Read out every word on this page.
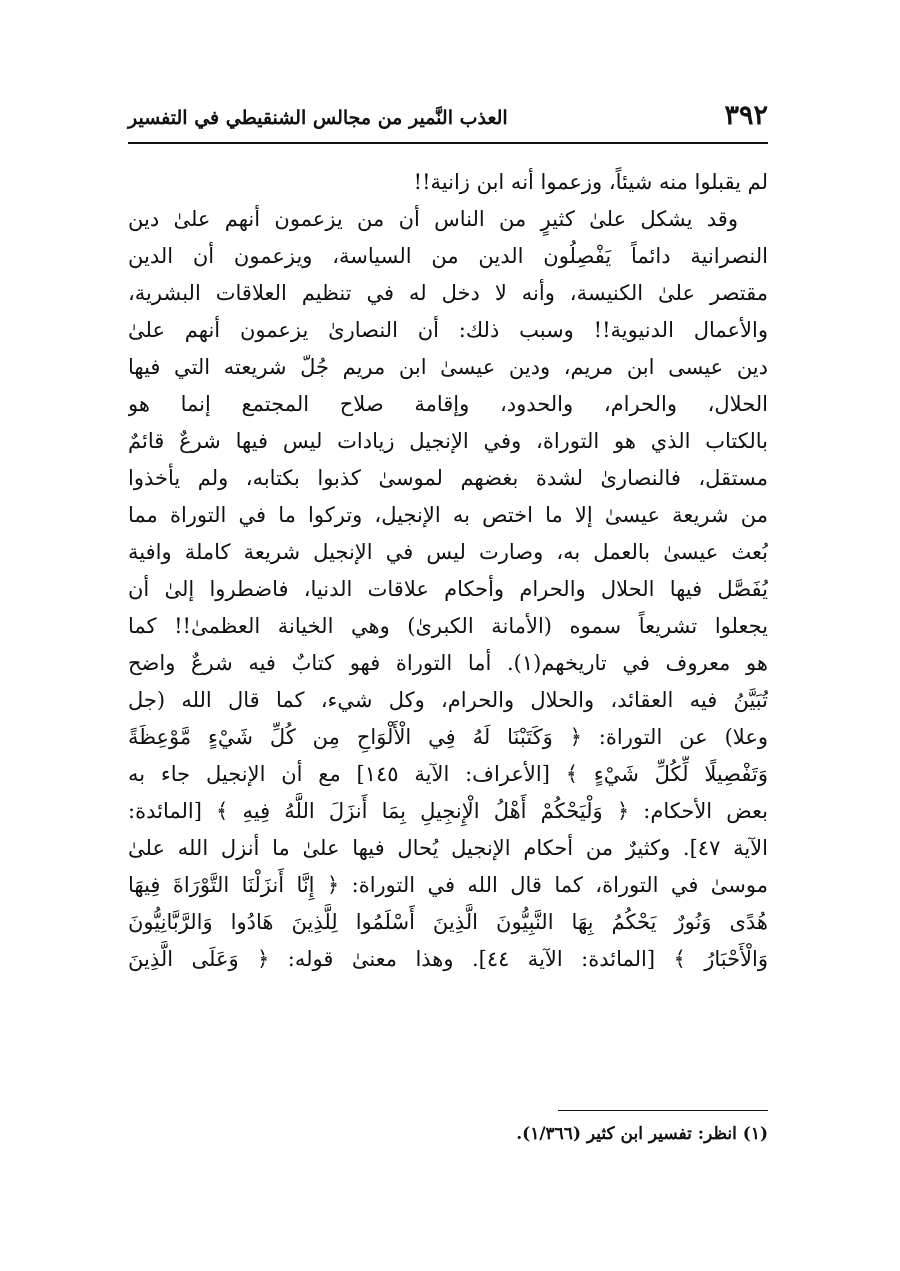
٣٩٢
العذب النَّمير من مجالس الشنقيطي في التفسير
لم يقبلوا منه شيئاً، وزعموا أنه ابن زانية!!
وقد يشكل علىٰ كثيرٍ من الناس أن من يزعمون أنهم علىٰ دين
النصرانية دائماً يَفْصِلُون الدين من السياسة، ويزعمون أن الدين
مقتصر علىٰ الكنيسة، وأنه لا دخل له في تنظيم العلاقات البشرية،
والأعمال الدنيوية!! وسبب ذلك: أن النصارىٰ يزعمون أنهم علىٰ
دين عيسى ابن مريم، ودين عيسىٰ ابن مريم جُلّ شريعته التي فيها
الحلال، والحرام، والحدود، وإقامة صلاح المجتمع إنما هو
بالكتاب الذي هو التوراة، وفي الإنجيل زيادات ليس فيها شرعٌ قائمٌ
مستقل، فالنصارىٰ لشدة بغضهم لموسىٰ كذبوا بكتابه، ولم يأخذوا
من شريعة عيسىٰ إلا ما اختص به الإنجيل، وتركوا ما في التوراة مما
بُعث عيسىٰ بالعمل به، وصارت ليس في الإنجيل شريعة كاملة وافية
يُفَصَّل فيها الحلال والحرام وأحكام علاقات الدنيا، فاضطروا إلىٰ أن
يجعلوا تشريعاً سموه (الأمانة الكبرىٰ) وهي الخيانة العظمىٰ!! كما
هو معروف في تاريخهم(١). أما التوراة فهو كتابٌ فيه شرعٌ واضح
تُبَيَّنُ فيه العقائد، والحلال والحرام، وكل شيء، كما قال الله (جل
وعلا) عن التوراة: ﴿ وَكَتَبْنَا لَهُ فِي الْأَلْوَاحِ مِن كُلِّ شَيْءٍ مَّوْعِظَةً
وَتَفْصِيلًا لِّكُلِّ شَيْءٍ ﴾ [الأعراف: الآية ١٤٥] مع أن الإنجيل جاء به
بعض الأحكام: ﴿ وَلْيَحْكُمْ أَهْلُ الْإِنجِيلِ بِمَا أَنزَلَ اللَّهُ فِيهِ ﴾ [المائدة:
الآية ٤٧]. وكثيرٌ من أحكام الإنجيل يُحال فيها علىٰ ما أنزل الله علىٰ
موسىٰ في التوراة، كما قال الله في التوراة: ﴿ إِنَّا أَنزَلْنَا التَّوْرَاةَ فِيهَا
هُدًى وَنُورٌ يَحْكُمُ بِهَا النَّبِيُّونَ الَّذِينَ أَسْلَمُوا لِلَّذِينَ هَادُوا وَالرَّبَّانِيُّونَ
وَالْأَحْبَارُ ﴾ [المائدة: الآية ٤٤]. وهذا معنىٰ قوله: ﴿ وَعَلَى الَّذِينَ
(١) انظر: تفسير ابن كثير (١/٣٦٦).
